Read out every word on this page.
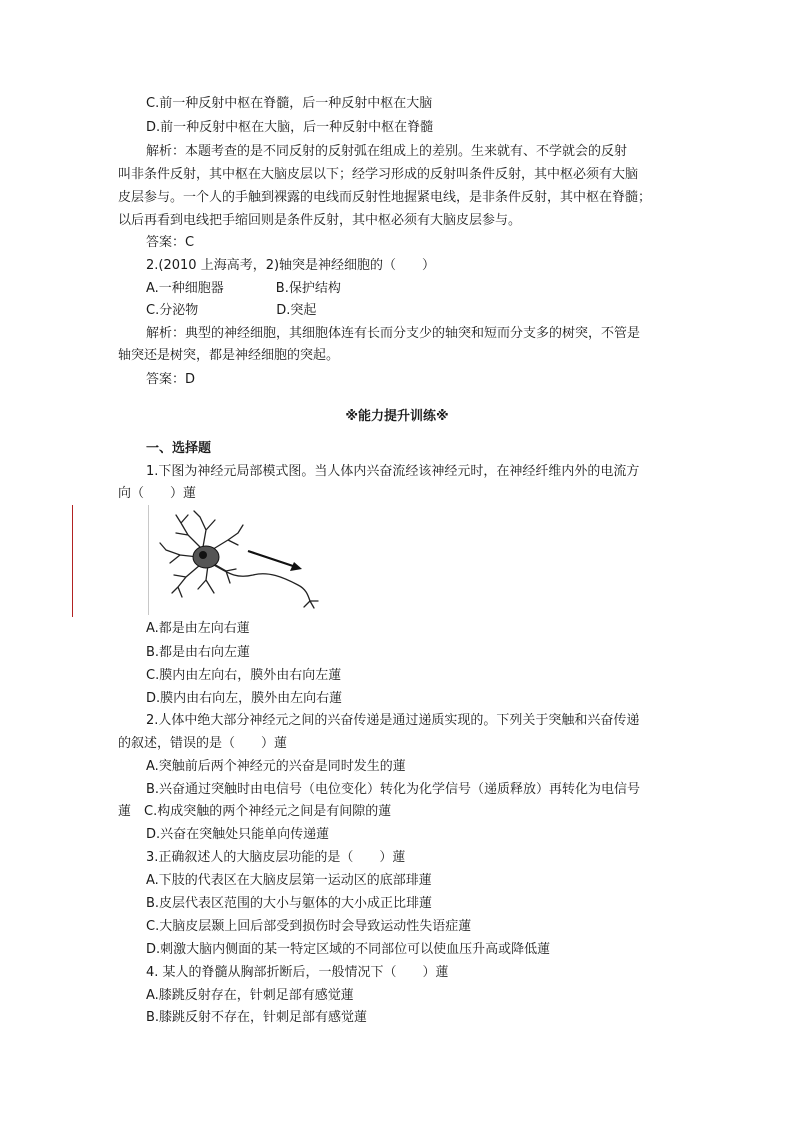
C.前一种反射中枢在脊髓，后一种反射中枢在大脑

D.前一种反射中枢在大脑，后一种反射中枢在脊髓

解析：本题考查的是不同反射的反射弧在组成上的差别。生来就有、不学就会的反射

叫非条件反射，其中枢在大脑皮层以下；经学习形成的反射叫条件反射，其中枢必须有大脑

皮层参与。一个人的手触到裸露的电线而反射性地握紧电线，是非条件反射，其中枢在脊髓；

以后再看到电线把手缩回则是条件反射，其中枢必须有大脑皮层参与。

答案：C

2.(2010 上海高考，2)轴突是神经细胞的（　　）

A.一种细胞器　　　　B.保护结构

C.分泌物　　　　　　D.突起

解析：典型的神经细胞，其细胞体连有长而分支少的轴突和短而分支多的树突，不管是

轴突还是树突，都是神经细胞的突起。

答案：D

※能力提升训练※

一、选择题

1.下图为神经元局部模式图。当人体内兴奋流经该神经元时，在神经纤维内外的电流方

向（　　）蓮

A.都是由左向右蓮

B.都是由右向左蓮

C.膜内由左向右，膜外由右向左蓮

D.膜内由右向左，膜外由左向右蓮

2.人体中绝大部分神经元之间的兴奋传递是通过递质实现的。下列关于突触和兴奋传递

的叙述，错误的是（　　）蓮

A.突触前后两个神经元的兴奋是同时发生的蓮

B.兴奋通过突触时由电信号（电位变化）转化为化学信号（递质释放）再转化为电信号

蓮　C.构成突触的两个神经元之间是有间隙的蓮

D.兴奋在突触处只能单向传递蓮

3.正确叙述人的大脑皮层功能的是（　　）蓮

A.下肢的代表区在大脑皮层第一运动区的底部琲蓮

B.皮层代表区范围的大小与躯体的大小成正比琲蓮

C.大脑皮层颞上回后部受到损伤时会导致运动性失语症蓮

D.刺激大脑内侧面的某一特定区域的不同部位可以使血压升高或降低蓮

4. 某人的脊髓从胸部折断后，一般情况下（　　）蓮

A.膝跳反射存在，针刺足部有感觉蓮

B.膝跳反射不存在，针刺足部有感觉蓮
